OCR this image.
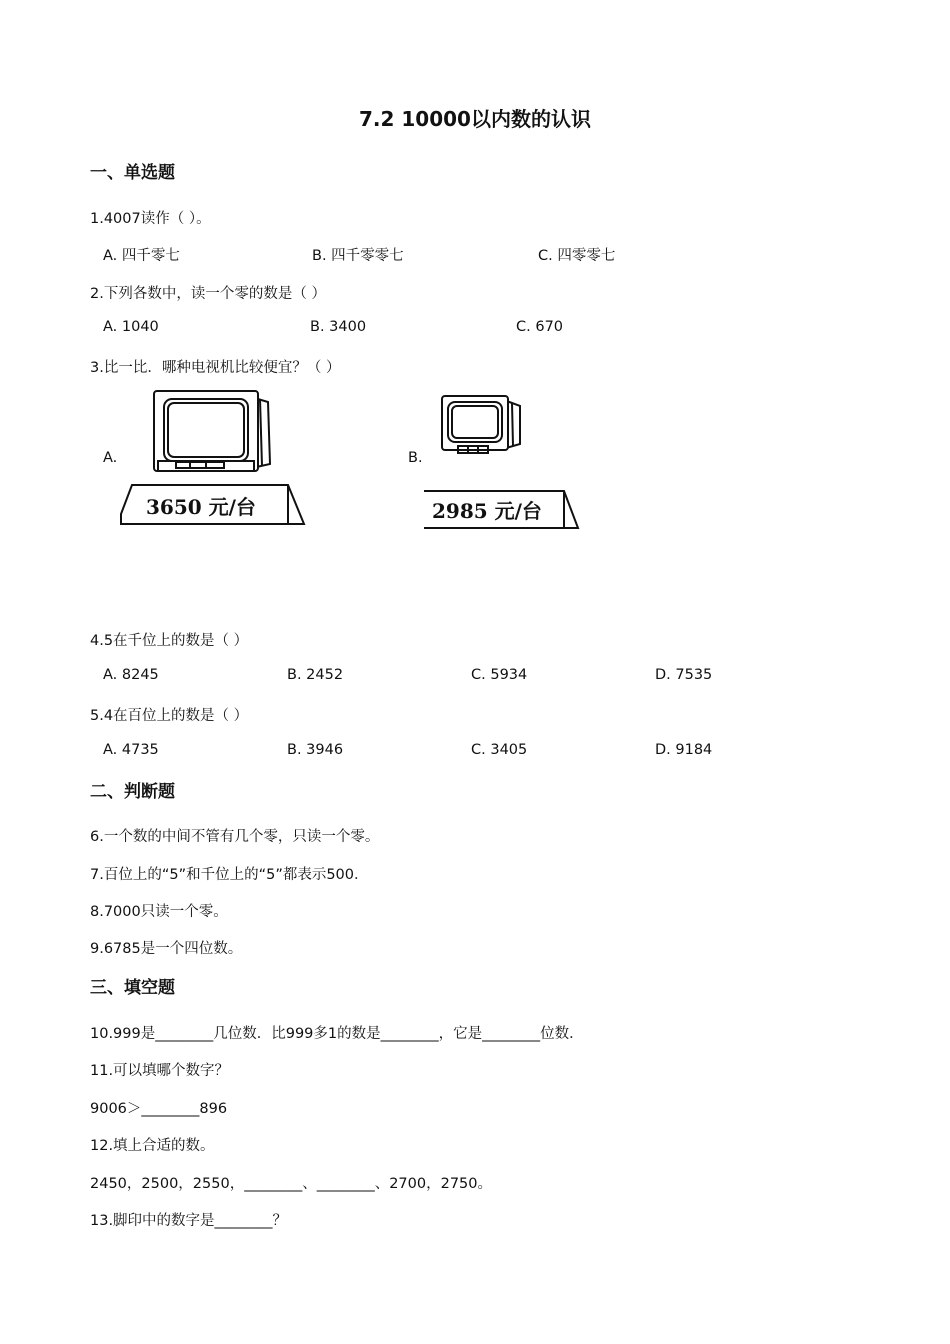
7.2 10000以内数的认识
一、单选题
1.4007读作（ ）。
A. 四千零七	B. 四千零零七	C. 四零零七
2.下列各数中，读一个零的数是（ ）
A. 1040	B. 3400	C. 670
3.比一比．哪种电视机比较便宜？（ ）
A.	B.
3650 元/台	2985 元/台
4.5在千位上的数是（ ）
A. 8245	B. 2452	C. 5934	D. 7535
5.4在百位上的数是（ ）
A. 4735	B. 3946	C. 3405	D. 9184
二、判断题
6.一个数的中间不管有几个零，只读一个零。
7.百位上的“5”和千位上的“5”都表示500．
8.7000只读一个零。
9.6785是一个四位数。
三、填空题
10.999是________几位数．比999多1的数是________，它是________位数．
11.可以填哪个数字？
9006＞________896
12.填上合适的数。
2450，2500，2550，________、________、2700，2750。
13.脚印中的数字是________？
